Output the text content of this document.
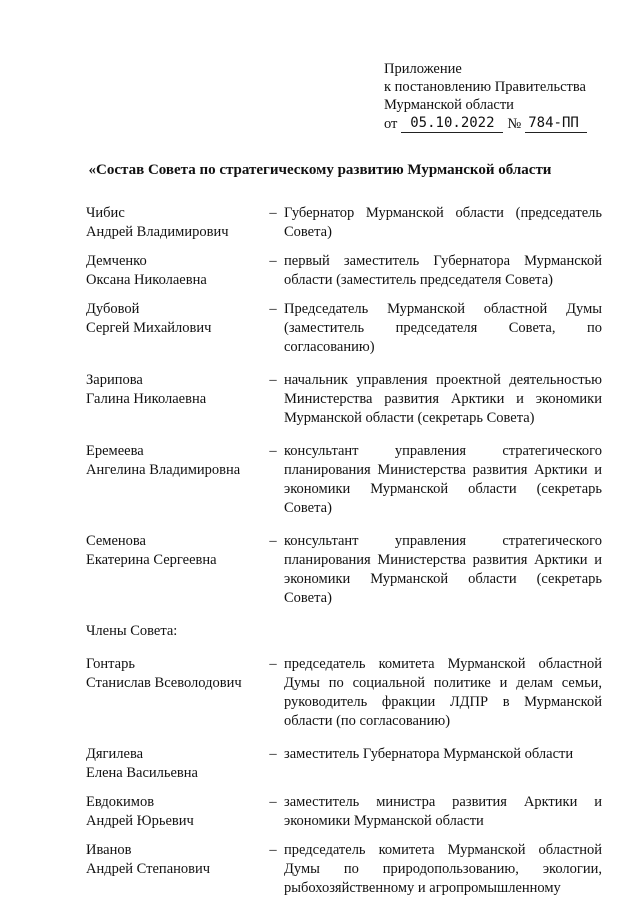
Приложение
к постановлению Правительства
Мурманской области
от 05.10.2022 № 784-ПП
«Состав Совета по стратегическому развитию Мурманской области
Чибис
Андрей Владимирович
– Губернатор Мурманской области (председатель Совета)
Демченко
Оксана Николаевна
– первый заместитель Губернатора Мурманской области (заместитель председателя Совета)
Дубовой
Сергей Михайлович
– Председатель Мурманской областной Думы (заместитель председателя Совета, по согласованию)
Зарипова
Галина Николаевна
– начальник управления проектной деятельностью Министерства развития Арктики и экономики Мурманской области (секретарь Совета)
Еремеева
Ангелина Владимировна
– консультант управления стратегического планирования Министерства развития Арктики и экономики Мурманской области (секретарь Совета)
Семенова
Екатерина Сергеевна
– консультант управления стратегического планирования Министерства развития Арктики и экономики Мурманской области (секретарь Совета)
Члены Совета:
Гонтарь
Станислав Всеволодович
– председатель комитета Мурманской областной Думы по социальной политике и делам семьи, руководитель фракции ЛДПР в Мурманской области (по согласованию)
Дягилева
Елена Васильевна
– заместитель Губернатора Мурманской области
Евдокимов
Андрей Юрьевич
– заместитель министра развития Арктики и экономики Мурманской области
Иванов
Андрей Степанович
– председатель комитета Мурманской областной Думы по природопользованию, экологии, рыбохозяйственному и агропромышленному
